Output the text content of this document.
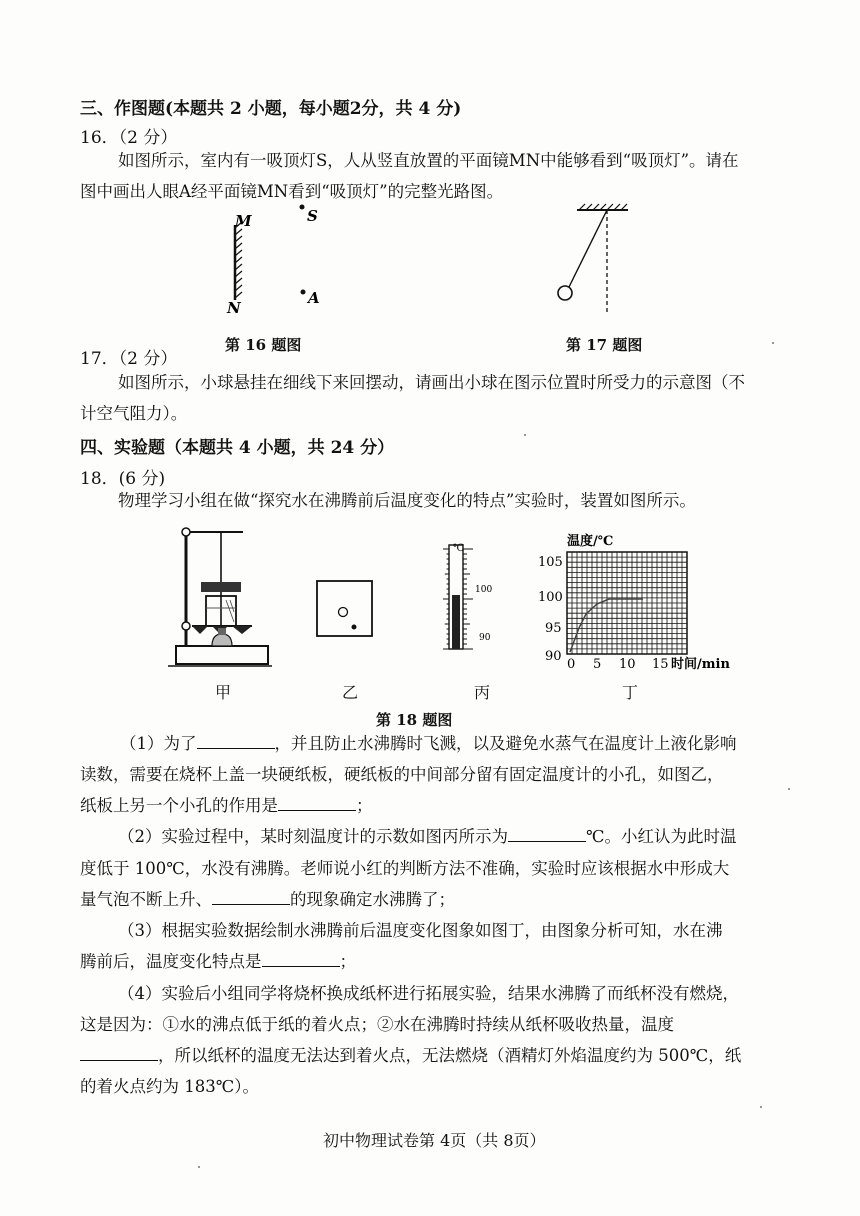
三、作图题(本题共 2 小题，每小题2分，共 4 分)
16．（2 分）
如图所示，室内有一吸顶灯S，人从竖直放置的平面镜MN中能够看到“吸顶灯”。请在
图中画出人眼A经平面镜MN看到“吸顶灯”的完整光路图。
M
N
S
A
第 16 题图	第 17 题图
17．（2 分）
如图所示，小球悬挂在细线下来回摆动，请画出小球在图示位置时所受力的示意图（不
计空气阻力）。
四、实验题（本题共 4 小题，共 24 分）
18．(6 分)
物理学习小组在做“探究水在沸腾前后温度变化的特点”实验时，装置如图所示。
℃
100
90
温度/℃
105
100
95
90
0 5 10 15 时间/min
甲	乙	丙	丁
第 18 题图
（1）为了	，并且防止水沸腾时飞溅，以及避免水蒸气在温度计上液化影响
读数，需要在烧杯上盖一块硬纸板，硬纸板的中间部分留有固定温度计的小孔，如图乙，
纸板上另一个小孔的作用是	；
（2）实验过程中，某时刻温度计的示数如图丙所示为	℃。小红认为此时温
度低于 100℃，水没有沸腾。老师说小红的判断方法不准确，实验时应该根据水中形成大
量气泡不断上升、	的现象确定水沸腾了；
（3）根据实验数据绘制水沸腾前后温度变化图象如图丁，由图象分析可知，水在沸
腾前后，温度变化特点是	；
（4）实验后小组同学将烧杯换成纸杯进行拓展实验，结果水沸腾了而纸杯没有燃烧，
这是因为：①水的沸点低于纸的着火点；②水在沸腾时持续从纸杯吸收热量，温度
，所以纸杯的温度无法达到着火点，无法燃烧（酒精灯外焰温度约为 500℃，纸
的着火点约为 183℃）。
初中物理试卷第 4页（共 8页）
